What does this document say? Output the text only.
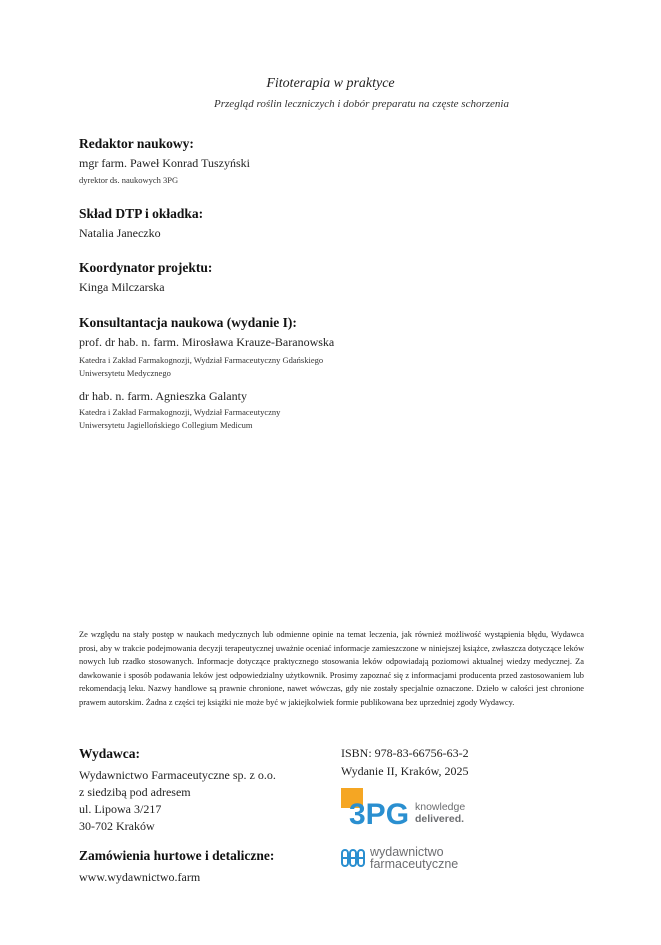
Fitoterapia w praktyce
Przegląd roślin leczniczych i dobór preparatu na częste schorzenia
Redaktor naukowy:
mgr farm. Paweł Konrad Tuszyński
dyrektor ds. naukowych 3PG
Skład DTP i okładka:
Natalia Janeczko
Koordynator projektu:
Kinga Milczarska
Konsultantacja naukowa (wydanie I):
prof. dr hab. n. farm. Mirosława Krauze-Baranowska
Katedra i Zakład Farmakognozji, Wydział Farmaceutyczny Gdańskiego
Uniwersytetu Medycznego
dr hab. n. farm. Agnieszka Galanty
Katedra i Zakład Farmakognozji, Wydział Farmaceutyczny
Uniwersytetu Jagiellońskiego Collegium Medicum
Ze względu na stały postęp w naukach medycznych lub odmienne opinie na temat leczenia, jak również możliwość wystąpienia błędu, Wydawca prosi, aby w trakcie podejmowania decyzji terapeutycznej uważnie oceniać informacje zamieszczone w niniejszej książce, zwłaszcza dotyczące leków nowych lub rzadko stosowanych. Informacje dotyczące praktycznego stosowania leków odpowiadają poziomowi aktualnej wiedzy medycznej. Za dawkowanie i sposób podawania leków jest odpowiedzialny użytkownik. Prosimy zapoznać się z informacjami producenta przed zastosowaniem lub rekomendacją leku. Nazwy handlowe są prawnie chronione, nawet wówczas, gdy nie zostały specjalnie oznaczone. Dzieło w całości jest chronione prawem autorskim. Żadna z części tej książki nie może być w jakiejkolwiek formie publikowana bez uprzedniej zgody Wydawcy.
Wydawca:
Wydawnictwo Farmaceutyczne sp. z o.o.
z siedzibą pod adresem
ul. Lipowa 3/217
30-702 Kraków
ISBN: 978-83-66756-63-2
Wydanie II, Kraków, 2025
3PG knowledge
delivered.
wydawnictwo
farmaceutyczne
Zamówienia hurtowe i detaliczne:
www.wydawnictwo.farm
